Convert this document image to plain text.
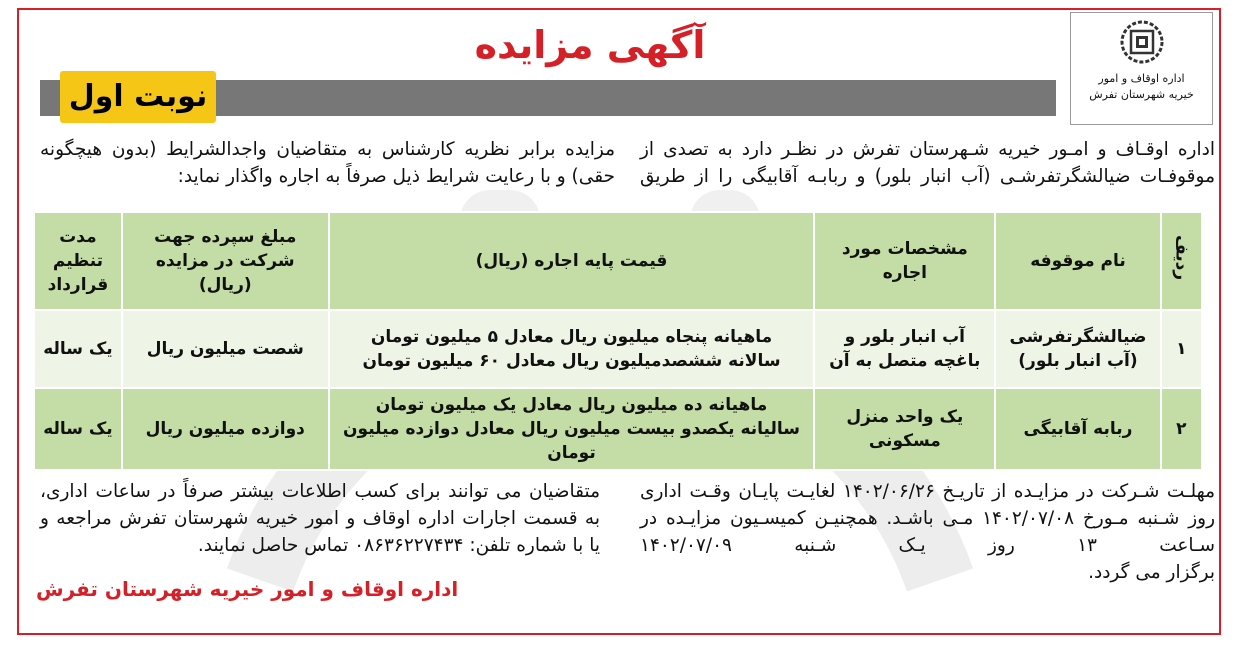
اداره اوقاف و امور
خیریه شهرستان تفرش
آگهی مزایده
نوبت اول
اداره اوقـاف و امـور خیریه شـهرستان تفرش در نظـر دارد به تصدی از موقوفـات ضیالشگرتفرشـی (آب انبار بلور) و ربابـه آقابیگی را از طریق
مزایده برابر نظریه کارشناس به متقاضیان واجدالشرایط (بدون هیچگونه حقی) و با رعایت شرایط ذیل صرفاً به اجاره واگذار نماید:
ردیف	نام موقوفه	مشخصات مورد اجاره	قیمت پایه اجاره (ریال)	مبلغ سپرده جهت شرکت در مزایده (ریال)	مدت تنظیم قرارداد
۱	ضیالشگرتفرشی (آب انبار بلور)	آب انبار بلور و باغچه متصل به آن	ماهیانه پنجاه میلیون ریال معادل ۵ میلیون تومان
سالانه ششصدمیلیون ریال معادل ۶۰ میلیون تومان	شصت میلیون ریال	یک ساله
۲	ربابه آقابیگی	یک واحد منزل مسکونی	ماهیانه ده میلیون ریال معادل یک میلیون تومان
سالیانه یکصدو بیست میلیون ریال معادل دوازده میلیون تومان	دوازده میلیون ریال	یک ساله
مهلـت شـرکت در مزایـده از تاریـخ ۱۴۰۲/۰۶/۲۶ لغایـت پایـان وقـت اداری روز شـنبه مـورخ ۱۴۰۲/۰۷/۰۸ مـی باشـد. همچنیـن کمیسـیون مزایـده در سـاعت ۱۳ روز یـک شـنبه ۱۴۰۲/۰۷/۰۹
برگزار می گردد.
متقاضیان می توانند برای کسب اطلاعات بیشتر صرفاً در ساعات اداری، به قسمت اجارات اداره اوقاف و امور خیریه شهرستان تفرش مراجعه و یا با شماره تلفن: ۰۸۶۳۶۲۲۷۴۳۴ تماس حاصل نمایند.
اداره اوقاف و امور خیریه شهرستان تفرش
